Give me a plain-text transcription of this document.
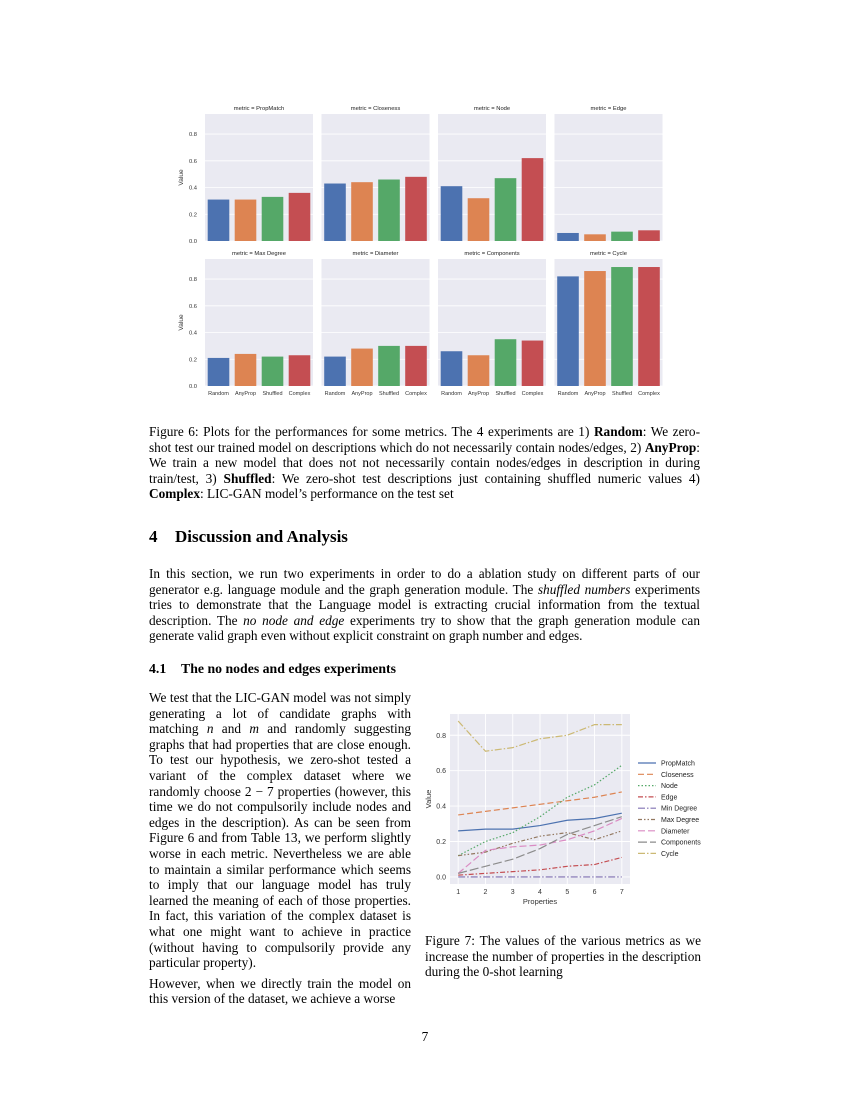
metric = PropMatch
0.0
0.2
0.4
0.6
0.8
Value
metric = Closeness	metric = Node	metric = Edge
metric = Max Degree
0.0
0.2
0.4
0.6
0.8
Value
Random AnyProp Shuffled Complex
metric = Diameter
Random AnyProp Shuffled Complex
metric = Components
Random AnyProp Shuffled Complex
metric = Cycle
Random AnyProp Shuffled Complex
0.0
0.2
0.4
0.6
0.8
1	2	3	4	5	6	7
Properties
Value
PropMatch
Closeness
Node
Edge
Min Degree
Max Degree
Diameter
Components
Cycle
Figure 6: Plots for the performances for some metrics. The 4 experiments are 1) Random: We zero-shot test our trained model on descriptions which do not necessarily contain nodes/edges, 2) AnyProp: We train a new model that does not not necessarily contain nodes/edges in description in during train/test, 3) Shuffled: We zero-shot test descriptions just containing shuffled numeric values 4) Complex: LIC-GAN model’s performance on the test set
4 Discussion and Analysis
In this section, we run two experiments in order to do a ablation study on different parts of our generator e.g. language module and the graph generation module. The shuffled numbers experiments tries to demonstrate that the Language model is extracting crucial information from the textual description. The no node and edge experiments try to show that the graph generation module can generate valid graph even without explicit constraint on graph number and edges.
4.1 The no nodes and edges experiments

We test that the LIC-GAN model was not simply generating a lot of candidate graphs with matching n and m and randomly suggesting graphs that had properties that are close enough. To test our hypothesis, we zero-shot tested a variant of the complex dataset where we randomly choose 2 − 7 properties (however, this time we do not compulsorily include nodes and edges in the description). As can be seen from Figure 6 and from Table 13, we perform slightly worse in each metric. Nevertheless we are able to maintain a similar performance which seems to imply that our language model has truly learned the meaning of each of those properties. In fact, this variation of the complex dataset is what one might want to achieve in practice (without having to compulsorily provide any particular property).

However, when we directly train the model on this version of the dataset, we achieve a worse

Figure 7: The values of the various metrics as we increase the number of properties in the description during the 0-shot learning
7
